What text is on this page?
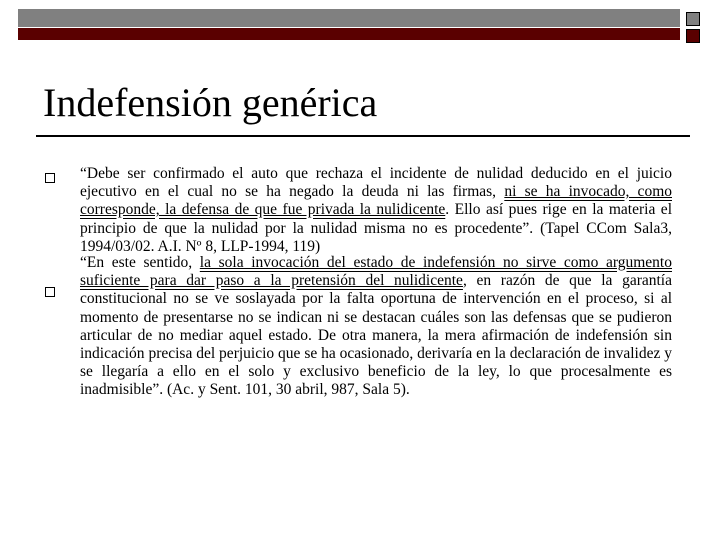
Indefensión genérica

“Debe ser confirmado el auto que rechaza el incidente de nulidad deducido en el juicio ejecutivo en el cual no se ha negado la deuda ni las firmas, ni se ha invocado, como corresponde, la defensa de que fue privada la nulidicente. Ello así pues rige en la materia el principio de que la nulidad por la nulidad misma no es procedente”. (Tapel CCom Sala3, 1994/03/02. A.I. Nº 8, LLP-1994, 119)

“En este sentido, la sola invocación del estado de indefensión no sirve como argumento suficiente para dar paso a la pretensión del nulidicente, en razón de que la garantía constitucional no se ve soslayada por la falta oportuna de intervención en el proceso, si al momento de presentarse no se indican ni se destacan cuáles son las defensas que se pudieron articular de no mediar aquel estado. De otra manera, la mera afirmación de indefensión sin indicación precisa del perjuicio que se ha ocasionado, derivaría en la declaración de invalidez y se llegaría a ello en el solo y exclusivo beneficio de la ley, lo que procesalmente es inadmisible”. (Ac. y Sent. 101, 30 abril, 987, Sala 5).
